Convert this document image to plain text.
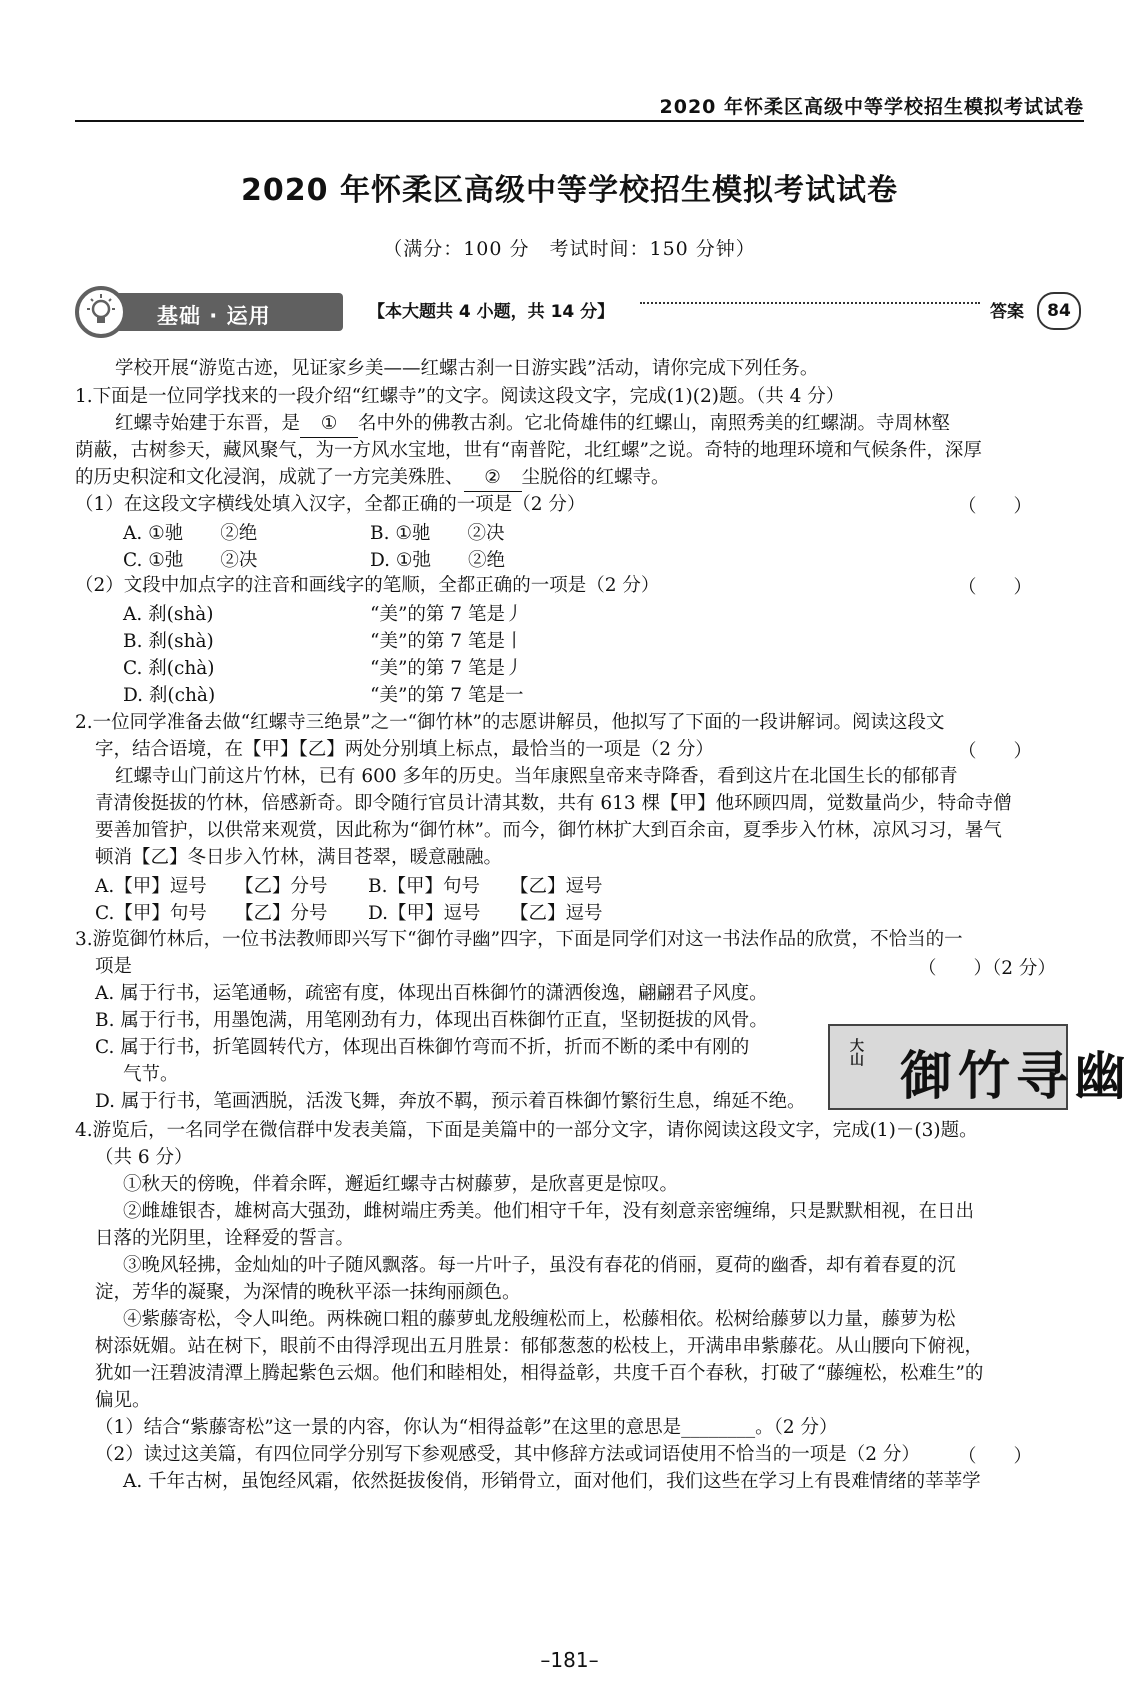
2020 年怀柔区高级中等学校招生模拟考试试卷
2020 年怀柔区高级中等学校招生模拟考试试卷
（满分：100 分　考试时间：150 分钟）
基础 · 运用	【本大题共 4 小题，共 14 分】	答案	84
学校开展“游览古迹，见证家乡美——红螺古刹一日游实践”活动，请你完成下列任务。
1.下面是一位同学找来的一段介绍“红螺寺”的文字。阅读这段文字，完成(1)(2)题。（共 4 分）
红螺寺始建于东晋，是 ① 名中外的佛教古刹。它北倚雄伟的红螺山，南照秀美的红螺湖。寺周林壑
荫蔽，古树参天，藏风聚气，为一方风水宝地，世有“南普陀，北红螺”之说。奇特的地理环境和气候条件，深厚
的历史积淀和文化浸润，成就了一方完美殊胜、 ② 尘脱俗的红螺寺。
（1）在这段文字横线处填入汉字，全都正确的一项是（2 分）	（　　）
A. ①驰　　②绝	B. ①驰　　②决
C. ①弛　　②决	D. ①弛　　②绝
（2）文段中加点字的注音和画线字的笔顺，全都正确的一项是（2 分）	（　　）
A. 刹(shà)	“美”的第 7 笔是丿
B. 刹(shà)	“美”的第 7 笔是丨
C. 刹(chà)	“美”的第 7 笔是丿
D. 刹(chà)	“美”的第 7 笔是一
2.一位同学准备去做“红螺寺三绝景”之一“御竹林”的志愿讲解员，他拟写了下面的一段讲解词。阅读这段文
字，结合语境，在【甲】【乙】两处分别填上标点，最恰当的一项是（2 分）	（　　）
红螺寺山门前这片竹林，已有 600 多年的历史。当年康熙皇帝来寺降香，看到这片在北国生长的郁郁青
青清俊挺拔的竹林，倍感新奇。即令随行官员计清其数，共有 613 棵【甲】他环顾四周，觉数量尚少，特命寺僧
要善加管护，以供常来观赏，因此称为“御竹林”。而今，御竹林扩大到百余亩，夏季步入竹林，凉风习习，暑气
顿消【乙】冬日步入竹林，满目苍翠，暖意融融。
A.【甲】逗号 【乙】分号 B.【甲】句号 【乙】逗号
C.【甲】句号 【乙】分号 D.【甲】逗号 【乙】逗号
3.游览御竹林后，一位书法教师即兴写下“御竹寻幽”四字，下面是同学们对这一书法作品的欣赏，不恰当的一
项是	（　　）（2 分）
A. 属于行书，运笔通畅，疏密有度，体现出百株御竹的潇洒俊逸，翩翩君子风度。
B. 属于行书，用墨饱满，用笔刚劲有力，体现出百株御竹正直，坚韧挺拔的风骨。
C. 属于行书，折笔圆转代方，体现出百株御竹弯而不折，折而不断的柔中有刚的
气节。
D. 属于行书，笔画洒脱，活泼飞舞，奔放不羁，预示着百株御竹繁衍生息，绵延不绝。
大山 御竹寻幽
4.游览后，一名同学在微信群中发表美篇，下面是美篇中的一部分文字，请你阅读这段文字，完成(1)－(3)题。
（共 6 分）
①秋天的傍晚，伴着余晖，邂逅红螺寺古树藤萝，是欣喜更是惊叹。
②雌雄银杏，雄树高大强劲，雌树端庄秀美。他们相守千年，没有刻意亲密缠绵，只是默默相视，在日出
日落的光阴里，诠释爱的誓言。
③晚风轻拂，金灿灿的叶子随风飘落。每一片叶子，虽没有春花的俏丽，夏荷的幽香，却有着春夏的沉
淀，芳华的凝聚，为深情的晚秋平添一抹绚丽颜色。
④紫藤寄松，令人叫绝。两株碗口粗的藤萝虬龙般缠松而上，松藤相依。松树给藤萝以力量，藤萝为松
树添妩媚。站在树下，眼前不由得浮现出五月胜景：郁郁葱葱的松枝上，开满串串紫藤花。从山腰向下俯视，
犹如一汪碧波清潭上腾起紫色云烟。他们和睦相处，相得益彰，共度千百个春秋，打破了“藤缠松，松难生”的
偏见。
（1）结合“紫藤寄松”这一景的内容，你认为“相得益彰”在这里的意思是________。（2 分）
（2）读过这美篇，有四位同学分别写下参观感受，其中修辞方法或词语使用不恰当的一项是（2 分） （　　）
A. 千年古树，虽饱经风霜，依然挺拔俊俏，形销骨立，面对他们，我们这些在学习上有畏难情绪的莘莘学
–181–
